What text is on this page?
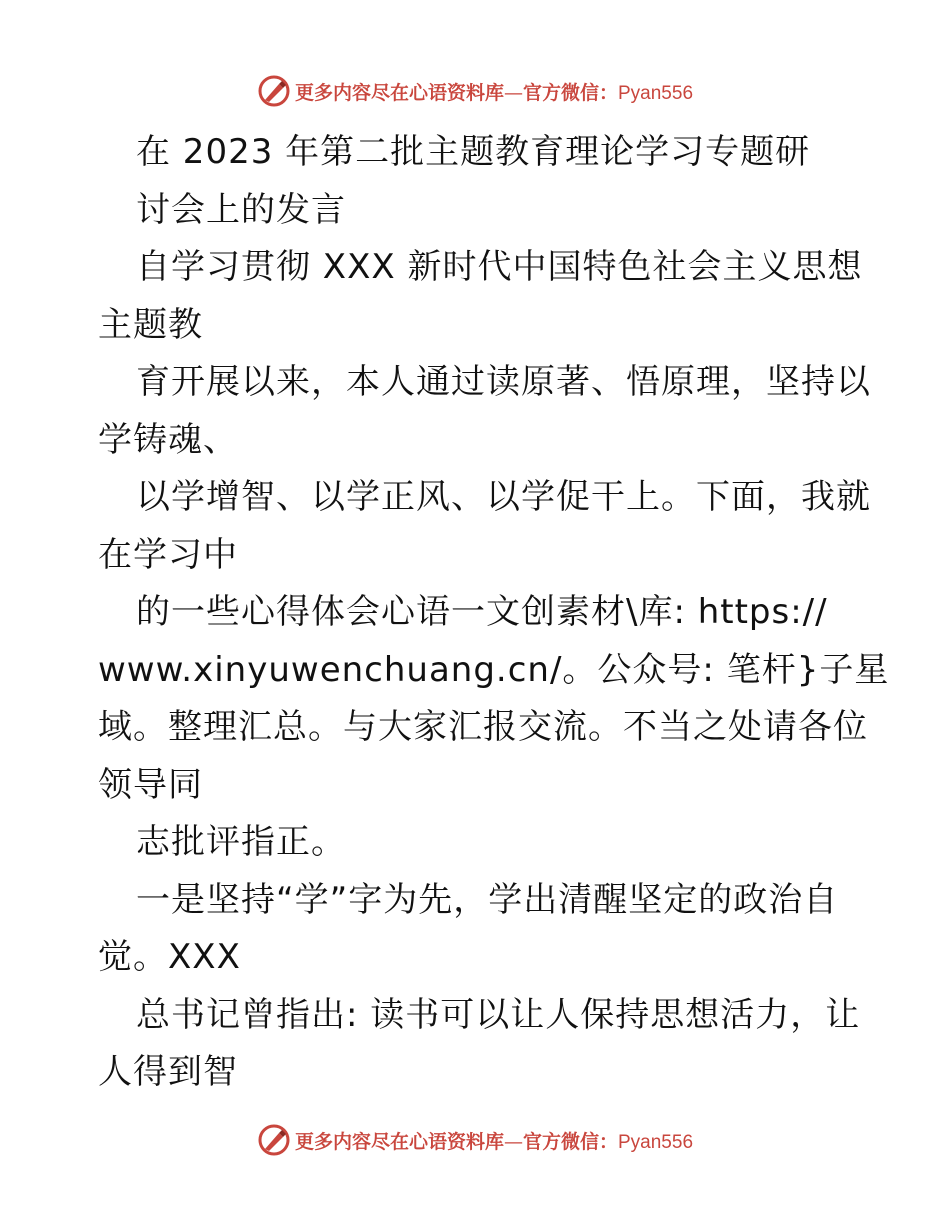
更多内容尽在心语资料库—官方微信：Pyan556
在 2023 年第二批主题教育理论学习专题研
讨会上的发言
自学习贯彻 XXX 新时代中国特色社会主义思想
主题教
育开展以来，本人通过读原著、悟原理，坚持以
学铸魂、
以学增智、以学正风、以学促干上。下面，我就
在学习中
的一些心得体会心语一文创素材\库: https://
www.xinyuwenchuang.cn/。公众号: 笔杆}子星
域。整理汇总。与大家汇报交流。不当之处请各位
领导同
志批评指正。
一是坚持“学”字为先，学出清醒坚定的政治自
觉。XXX
总书记曾指出: 读书可以让人保持思想活力，让
人得到智
更多内容尽在心语资料库—官方微信：Pyan556
